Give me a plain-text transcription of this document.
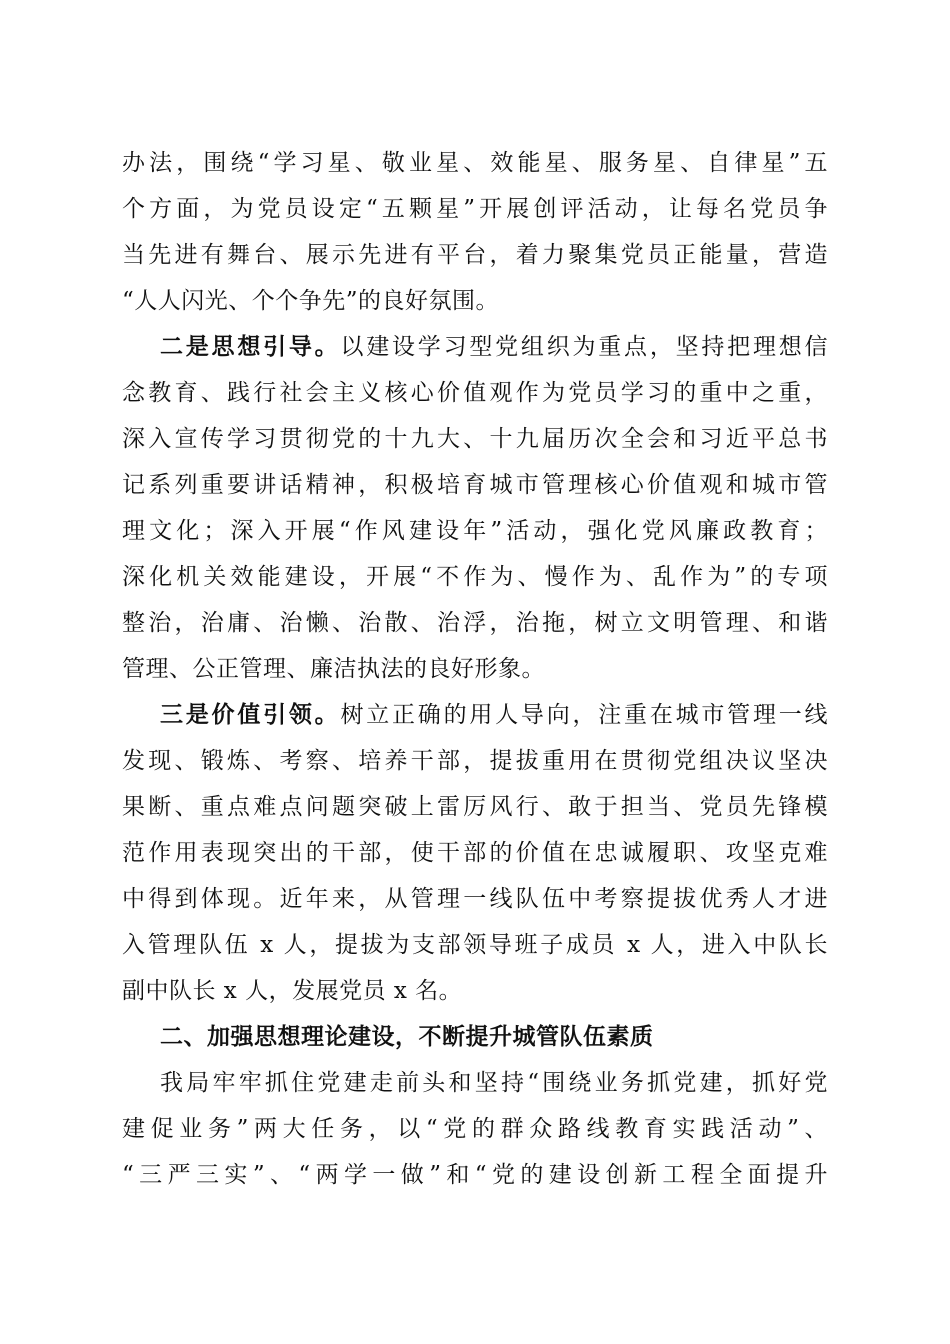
办法，围绕“学习星、敬业星、效能星、服务星、自律星”五
个方面，为党员设定“五颗星”开展创评活动，让每名党员争
当先进有舞台、展示先进有平台，着力聚集党员正能量，营造
“人人闪光、个个争先”的良好氛围。

二是思想引导。以建设学习型党组织为重点，坚持把理想信
念教育、践行社会主义核心价值观作为党员学习的重中之重，
深入宣传学习贯彻党的十九大、十九届历次全会和习近平总书
记系列重要讲话精神，积极培育城市管理核心价值观和城市管
理文化；深入开展“作风建设年”活动，强化党风廉政教育；
深化机关效能建设，开展“不作为、慢作为、乱作为”的专项
整治，治庸、治懒、治散、治浮，治拖，树立文明管理、和谐
管理、公正管理、廉洁执法的良好形象。

三是价值引领。树立正确的用人导向，注重在城市管理一线
发现、锻炼、考察、培养干部，提拔重用在贯彻党组决议坚决
果断、重点难点问题突破上雷厉风行、敢于担当、党员先锋模
范作用表现突出的干部，使干部的价值在忠诚履职、攻坚克难
中得到体现。近年来，从管理一线队伍中考察提拔优秀人才进
入管理队伍 x 人，提拔为支部领导班子成员 x 人，进入中队长
副中队长 x 人，发展党员 x 名。

二、加强思想理论建设，不断提升城管队伍素质

我局牢牢抓住党建走前头和坚持“围绕业务抓党建，抓好党
建促业务”两大任务，以“党的群众路线教育实践活动”、
“三严三实”、“两学一做”和“党的建设创新工程全面提升
